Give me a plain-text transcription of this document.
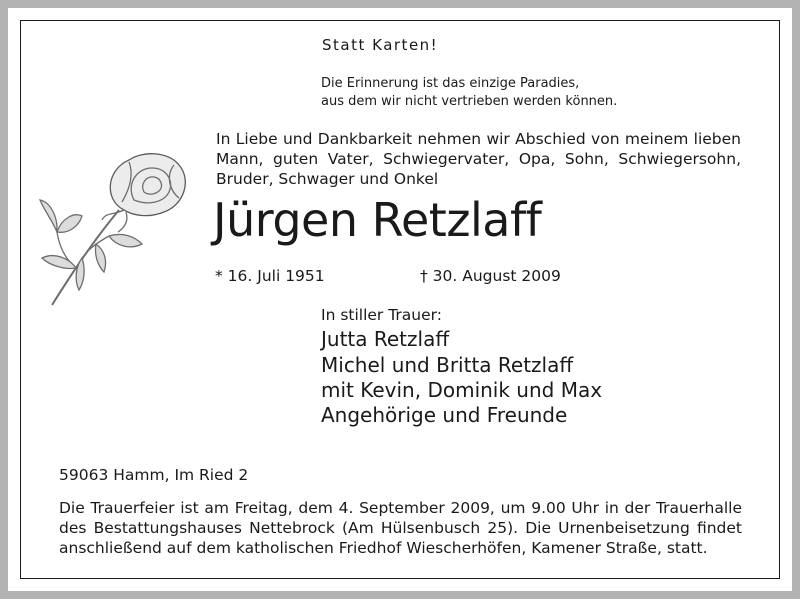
Statt Karten!
Die Erinnerung ist das einzige Paradies,
aus dem wir nicht vertrieben werden können.
In Liebe und Dankbarkeit nehmen wir Abschied von meinem lieben Mann, guten Vater, Schwiegervater, Opa, Sohn, Schwiegersohn, Bruder, Schwager und Onkel
Jürgen Retzlaff
* 16. Juli 1951	† 30. August 2009
In stiller Trauer:
Jutta Retzlaff
Michel und Britta Retzlaff
mit Kevin, Dominik und Max
Angehörige und Freunde
59063 Hamm, Im Ried 2
Die Trauerfeier ist am Freitag, dem 4. September 2009, um 9.00 Uhr in der Trauerhalle des Bestattungshauses Nettebrock (Am Hülsenbusch 25). Die Urnenbeisetzung findet anschließend auf dem katholischen Friedhof Wiescherhöfen, Kamener Straße, statt.
